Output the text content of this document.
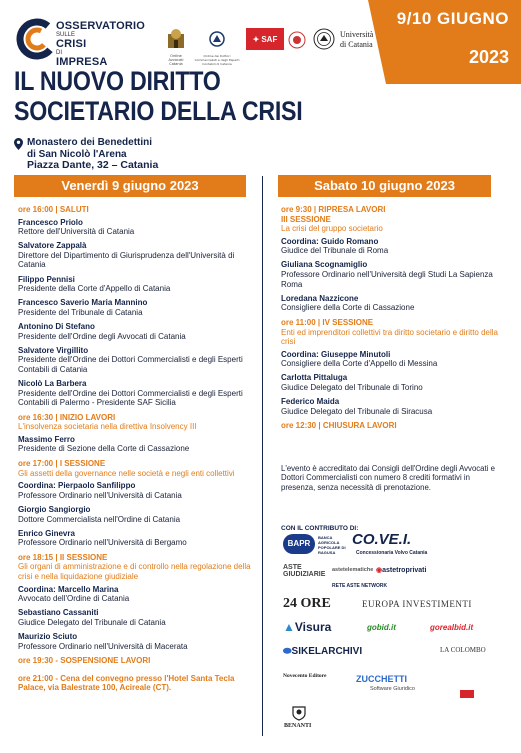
OSSERVATORIO
SULLE
CRISI
DI
IMPRESA	Ordine Avvocati Catania
Ordine dei Dottori Commercialisti e degli Esperti Contabili di Catania
✦ SAF	Università
di Catania
9/10 GIUGNO
2023
IL NUOVO DIRITTO
SOCIETARIO DELLA CRISI
Monastero dei Benedettini
di San Nicolò l'Arena
Piazza Dante, 32 – Catania
Venerdì 9 giugno 2023	Sabato 10 giugno 2023
ore 16:00 | SALUTI
Francesco Priolo
Rettore dell'Università di Catania
Salvatore Zappalà
Direttore del Dipartimento di Giurisprudenza dell'Università di Catania
Filippo Pennisi
Presidente della Corte d'Appello di Catania
Francesco Saverio Maria Mannino
Presidente del Tribunale di Catania
Antonino Di Stefano
Presidente dell'Ordine degli Avvocati di Catania
Salvatore Virgillito
Presidente dell'Ordine dei Dottori Commercialisti e degli Esperti Contabili di Catania
Nicolò La Barbera
Presidente dell'Ordine dei Dottori Commercialisti e degli Esperti Contabili di Palermo - Presidente SAF Sicilia
ore 16:30 | INIZIO LAVORI
L'insolvenza societaria nella direttiva Insolvency III
Massimo Ferro
Presidente di Sezione della Corte di Cassazione
ore 17:00 | I SESSIONE
Gli assetti della governance nelle società e negli enti collettivi
Coordina: Pierpaolo Sanfilippo
Professore Ordinario nell'Università di Catania
Giorgio Sangiorgio
Dottore Commercialista nell'Ordine di Catania
Enrico Ginevra
Professore Ordinario nell'Università di Bergamo
ore 18:15 | II SESSIONE
Gli organi di amministrazione e di controllo nella regolazione della crisi e nella liquidazione giudiziale
Coordina: Marcello Marina
Avvocato dell'Ordine di Catania
Sebastiano Cassaniti
Giudice Delegato del Tribunale di Catania
Maurizio Sciuto
Professore Ordinario nell'Università di Macerata
ore 19:30 - SOSPENSIONE LAVORI
ore 21:00 - Cena del convegno presso l'Hotel Santa Tecla Palace, via Balestrate 100, Acireale (CT).
ore 9:30 | RIPRESA LAVORI
III SESSIONE
La crisi del gruppo societario
Coordina: Guido Romano
Giudice del Tribunale di Roma
Giuliana Scognamiglio
Professore Ordinario nell'Università degli Studi La Sapienza Roma
Loredana Nazzicone
Consigliere della Corte di Cassazione
ore 11:00 | IV SESSIONE
Enti ed imprenditori collettivi tra diritto societario e diritto della crisi
Coordina: Giuseppe Minutoli
Consigliere della Corte d'Appello di Messina
Carlotta Pittaluga
Giudice Delegato del Tribunale di Torino
Federico Maida
Giudice Delegato del Tribunale di Siracusa
ore 12:30 | CHIUSURA LAVORI
L'evento è accreditato dai Consigli dell'Ordine degli Avvocati e Dottori Commercialisti con numero 8 crediti formativi in presenza, senza necessità di prenotazione.
CON IL CONTRIBUTO DI:
BAPR
BANCA AGRICOLA POPOLARE DI RAGUSA
CO.VE.I.
Concessionaria Volvo Catania
ASTE GIUDIZIARIE
astetelematiche ◉astetroprivati
RETE ASTE NETWORK
24 ORE	EUROPA INVESTIMENTI
▲Visura	gobid.it	gorealbid.it
⬬SIKELARCHIVI	LA COLOMBO
Novecento Editore	ZUCCHETTI
Software Giuridico
BENANTI
